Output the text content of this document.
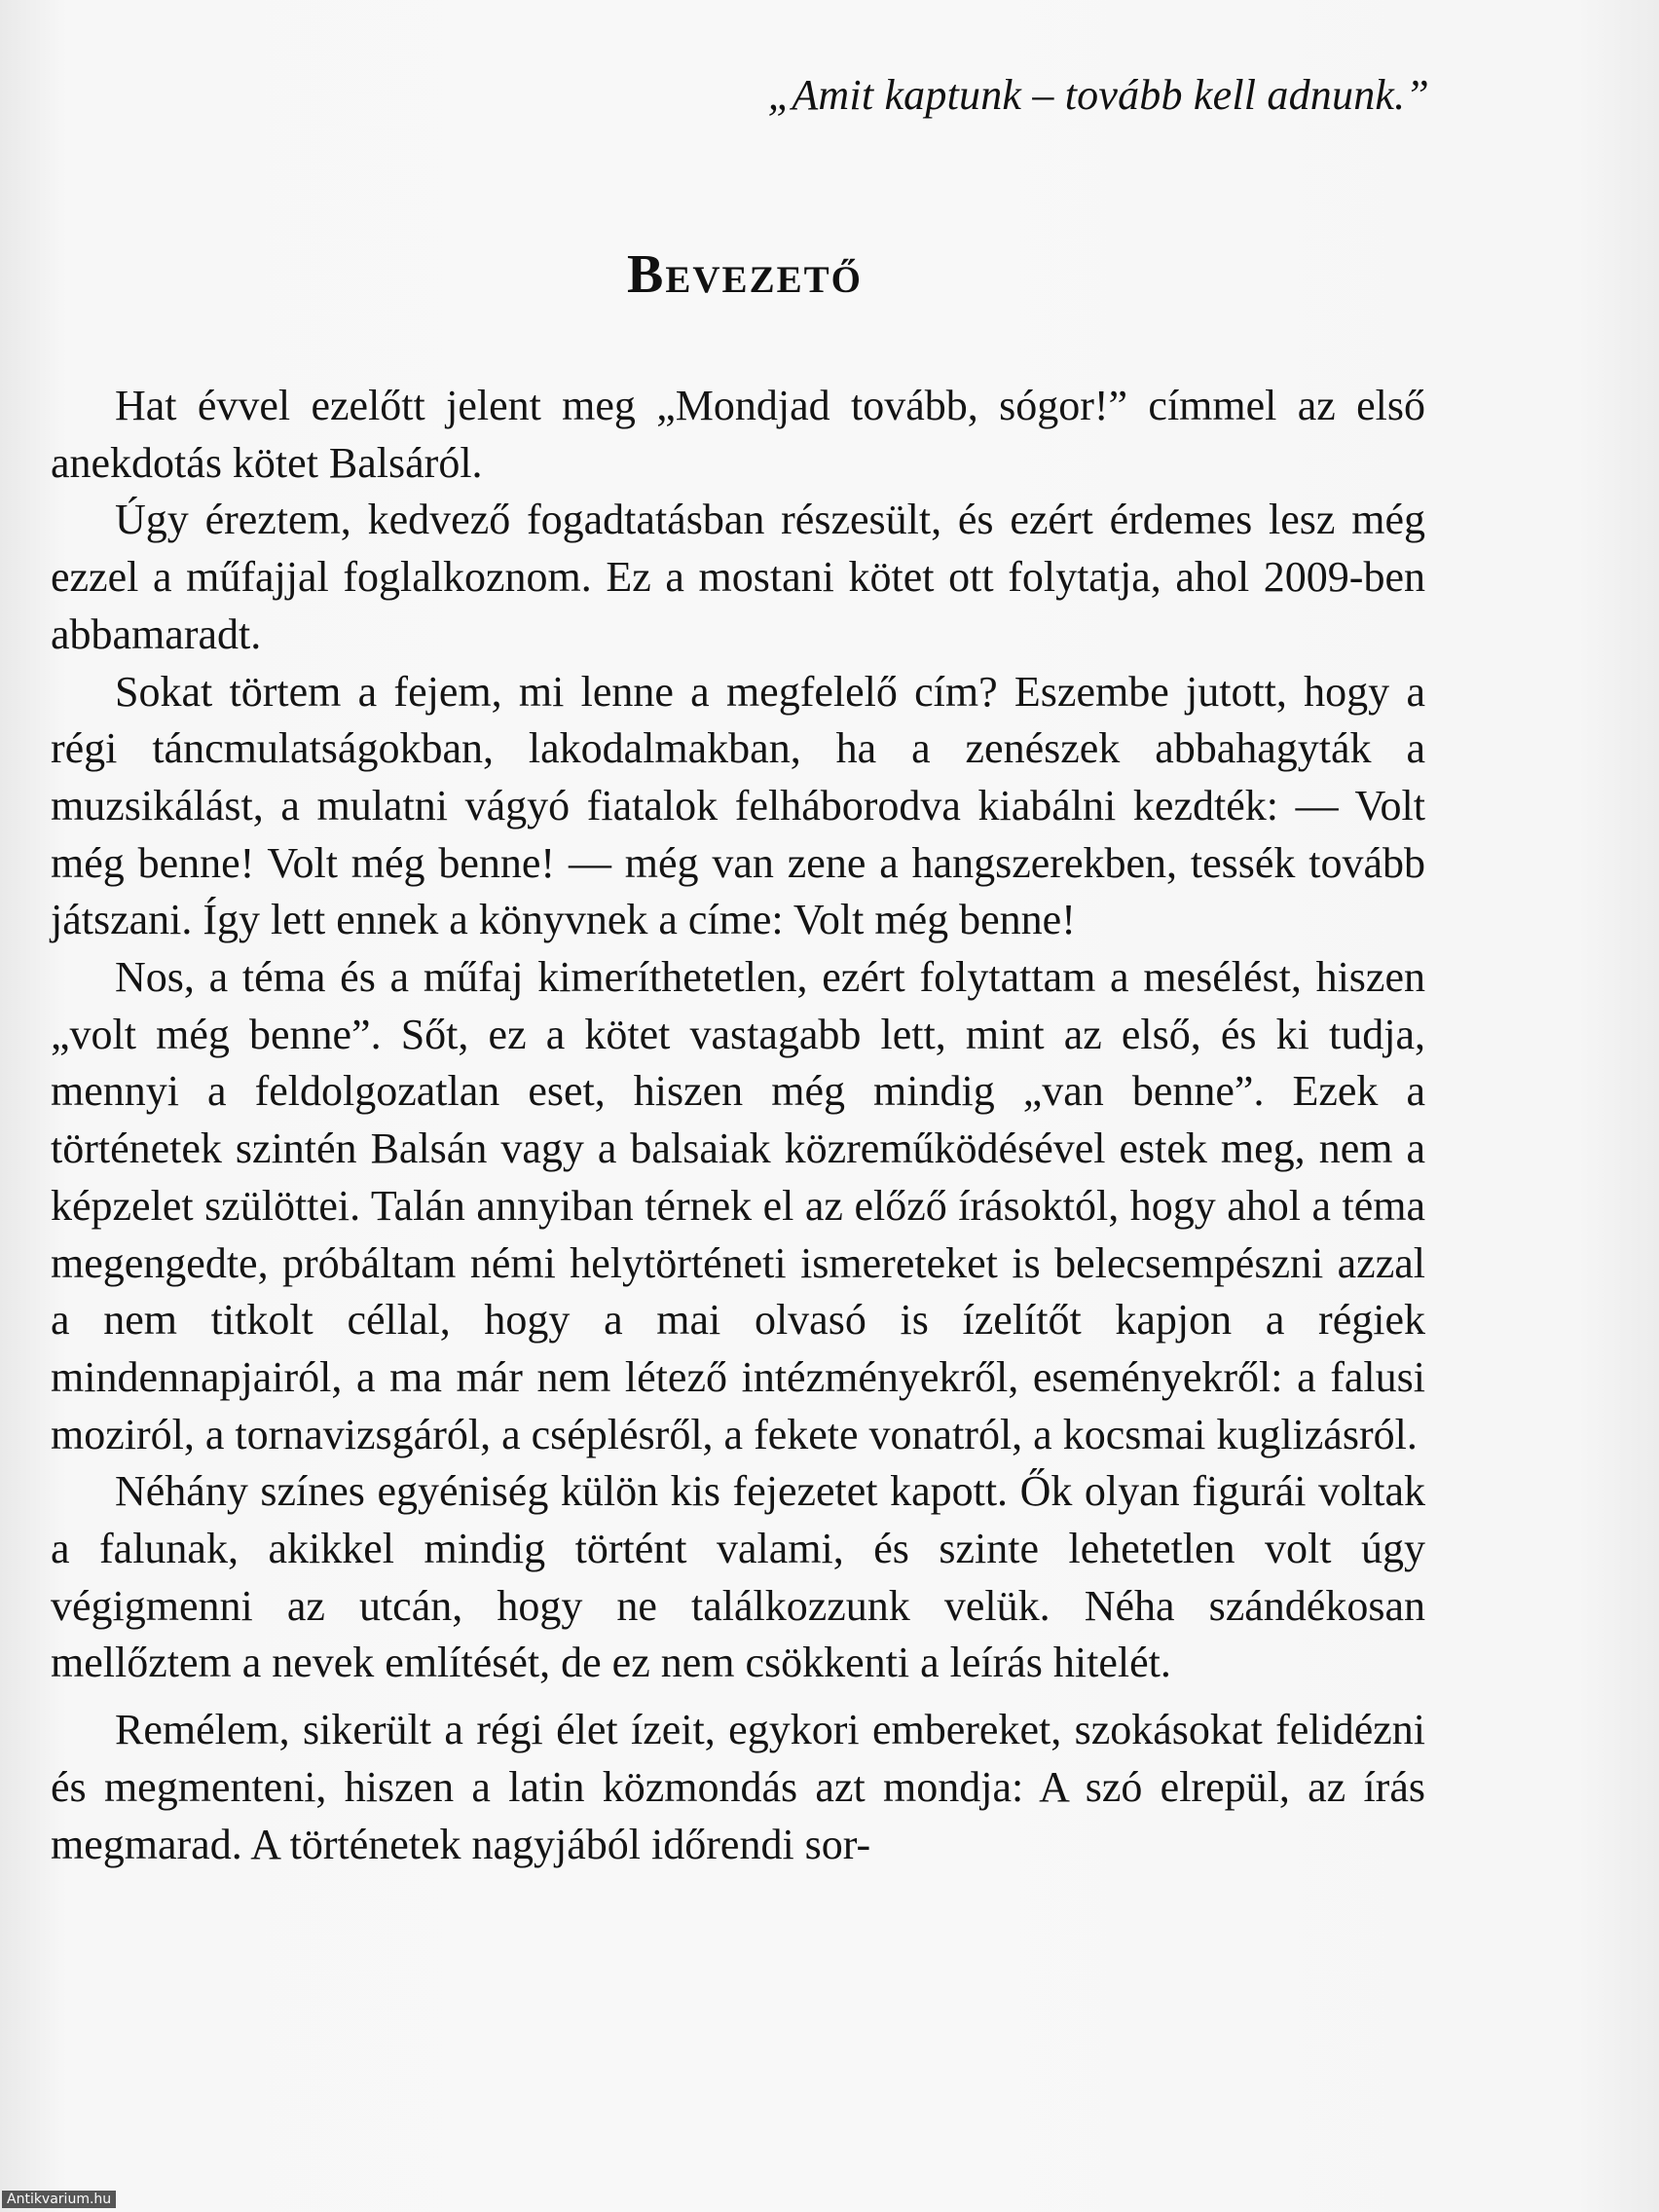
„Amit kaptunk – tovább kell adnunk.”
Bevezető

Hat évvel ezelőtt jelent meg „Mondjad tovább, sógor!” címmel az első anekdotás kötet Balsáról.

Úgy éreztem, kedvező fogadtatásban részesült, és ezért érdemes lesz még ezzel a műfajjal foglalkoznom. Ez a mostani kötet ott folytatja, ahol 2009-ben abbamaradt.

Sokat törtem a fejem, mi lenne a megfelelő cím? Eszembe jutott, hogy a régi táncmulatságokban, lakodalmakban, ha a zenészek abbahagyták a muzsikálást, a mulatni vágyó fiatalok felháborodva kiabálni kezdték: — Volt még benne! Volt még benne! — még van zene a hangszerekben, tessék tovább játszani. Így lett ennek a könyvnek a címe: Volt még benne!

Nos, a téma és a műfaj kimeríthetetlen, ezért folytattam a mesélést, hiszen „volt még benne”. Sőt, ez a kötet vastagabb lett, mint az első, és ki tudja, mennyi a feldolgozatlan eset, hiszen még mindig „van benne”. Ezek a történetek szintén Balsán vagy a balsaiak közreműködésével estek meg, nem a képzelet szülöttei. Talán annyiban térnek el az előző írásoktól, hogy ahol a téma megengedte, próbáltam némi helytörténeti ismereteket is belecsempészni azzal a nem titkolt céllal, hogy a mai olvasó is ízelítőt kapjon a régiek mindennapjairól, a ma már nem létező intézményekről, eseményekről: a falusi moziról, a tornavizsgáról, a cséplésről, a fekete vonatról, a kocsmai kuglizásról.

Néhány színes egyéniség külön kis fejezetet kapott. Ők olyan figurái voltak a falunak, akikkel mindig történt valami, és szinte lehetetlen volt úgy végigmenni az utcán, hogy ne találkozzunk velük. Néha szándékosan mellőztem a nevek említését, de ez nem csökkenti a leírás hitelét.

Remélem, sikerült a régi élet ízeit, egykori embereket, szokásokat felidézni és megmenteni, hiszen a latin közmondás azt mondja: A szó elrepül, az írás megmarad. A történetek nagyjából időrendi sor-

Antikvarium.hu
